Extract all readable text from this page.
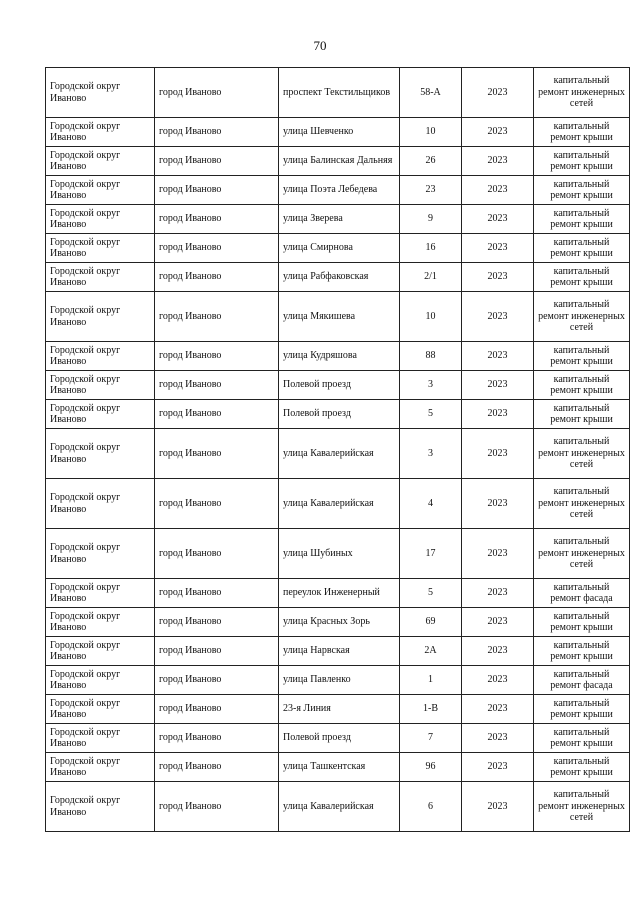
70
Городской округ Иваново	город Иваново	проспект Текстильщиков	58-А	2023	капитальный ремонт инженерных сетей
Городской округ Иваново	город Иваново	улица Шевченко	10	2023	капитальный ремонт крыши
Городской округ Иваново	город Иваново	улица Балинская Дальняя	26	2023	капитальный ремонт крыши
Городской округ Иваново	город Иваново	улица Поэта Лебедева	23	2023	капитальный ремонт крыши
Городской округ Иваново	город Иваново	улица Зверева	9	2023	капитальный ремонт крыши
Городской округ Иваново	город Иваново	улица Смирнова	16	2023	капитальный ремонт крыши
Городской округ Иваново	город Иваново	улица Рабфаковская	2/1	2023	капитальный ремонт крыши
Городской округ Иваново	город Иваново	улица Мякишева	10	2023	капитальный ремонт инженерных сетей
Городской округ Иваново	город Иваново	улица Кудряшова	88	2023	капитальный ремонт крыши
Городской округ Иваново	город Иваново	Полевой проезд	3	2023	капитальный ремонт крыши
Городской округ Иваново	город Иваново	Полевой проезд	5	2023	капитальный ремонт крыши
Городской округ Иваново	город Иваново	улица Кавалерийская	3	2023	капитальный ремонт инженерных сетей
Городской округ Иваново	город Иваново	улица Кавалерийская	4	2023	капитальный ремонт инженерных сетей
Городской округ Иваново	город Иваново	улица Шубиных	17	2023	капитальный ремонт инженерных сетей
Городской округ Иваново	город Иваново	переулок Инженерный	5	2023	капитальный ремонт фасада
Городской округ Иваново	город Иваново	улица Красных Зорь	69	2023	капитальный ремонт крыши
Городской округ Иваново	город Иваново	улица Нарвская	2А	2023	капитальный ремонт крыши
Городской округ Иваново	город Иваново	улица Павленко	1	2023	капитальный ремонт фасада
Городской округ Иваново	город Иваново	23-я Линия	1-В	2023	капитальный ремонт крыши
Городской округ Иваново	город Иваново	Полевой проезд	7	2023	капитальный ремонт крыши
Городской округ Иваново	город Иваново	улица Ташкентская	96	2023	капитальный ремонт крыши
Городской округ Иваново	город Иваново	улица Кавалерийская	6	2023	капитальный ремонт инженерных сетей
